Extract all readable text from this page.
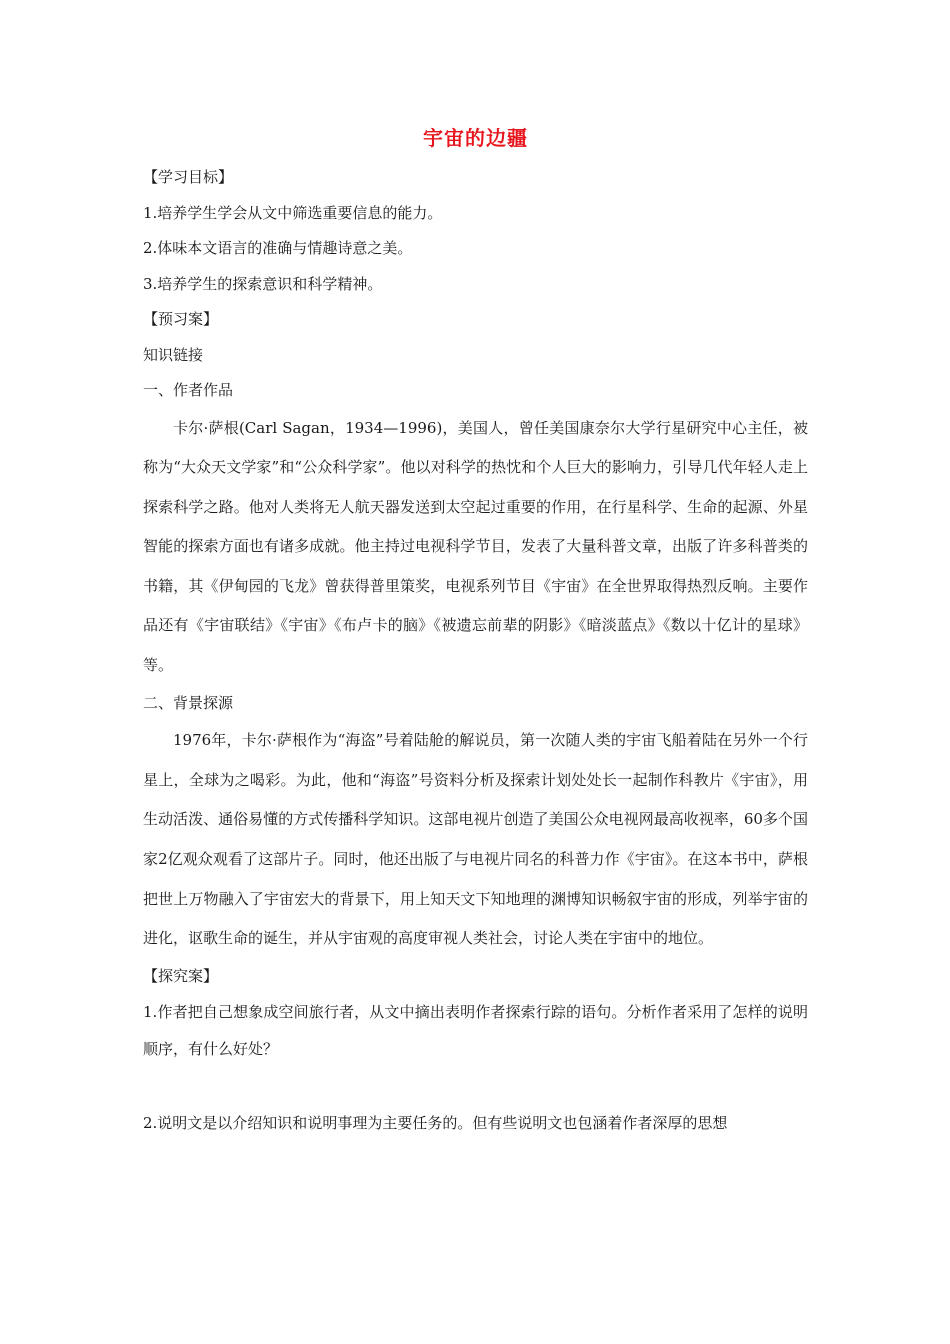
宇宙的边疆
【学习目标】
1.培养学生学会从文中筛选重要信息的能力。
2.体味本文语言的准确与情趣诗意之美。
3.培养学生的探索意识和科学精神。
【预习案】
知识链接
一、作者作品

卡尔·萨根(Carl Sagan，1934—1996)，美国人，曾任美国康奈尔大学行星研究中心主任，被称为“大众天文学家”和“公众科学家”。他以对科学的热忱和个人巨大的影响力，引导几代年轻人走上探索科学之路。他对人类将无人航天器发送到太空起过重要的作用，在行星科学、生命的起源、外星智能的探索方面也有诸多成就。他主持过电视科学节目，发表了大量科普文章，出版了许多科普类的书籍，其《伊甸园的飞龙》曾获得普里策奖，电视系列节目《宇宙》在全世界取得热烈反响。主要作品还有《宇宙联结》《宇宙》《布卢卡的脑》《被遗忘前辈的阴影》《暗淡蓝点》《数以十亿计的星球》等。

二、背景探源

1976年，卡尔·萨根作为“海盗”号着陆舱的解说员，第一次随人类的宇宙飞船着陆在另外一个行星上，全球为之喝彩。为此，他和“海盗”号资料分析及探索计划处处长一起制作科教片《宇宙》，用生动活泼、通俗易懂的方式传播科学知识。这部电视片创造了美国公众电视网最高收视率，60多个国家2亿观众观看了这部片子。同时，他还出版了与电视片同名的科普力作《宇宙》。在这本书中，萨根把世上万物融入了宇宙宏大的背景下，用上知天文下知地理的渊博知识畅叙宇宙的形成，列举宇宙的进化，讴歌生命的诞生，并从宇宙观的高度审视人类社会，讨论人类在宇宙中的地位。

【探究案】

1.作者把自己想象成空间旅行者，从文中摘出表明作者探索行踪的语句。分析作者采用了怎样的说明顺序，有什么好处？

2.说明文是以介绍知识和说明事理为主要任务的。但有些说明文也包涵着作者深厚的思想
